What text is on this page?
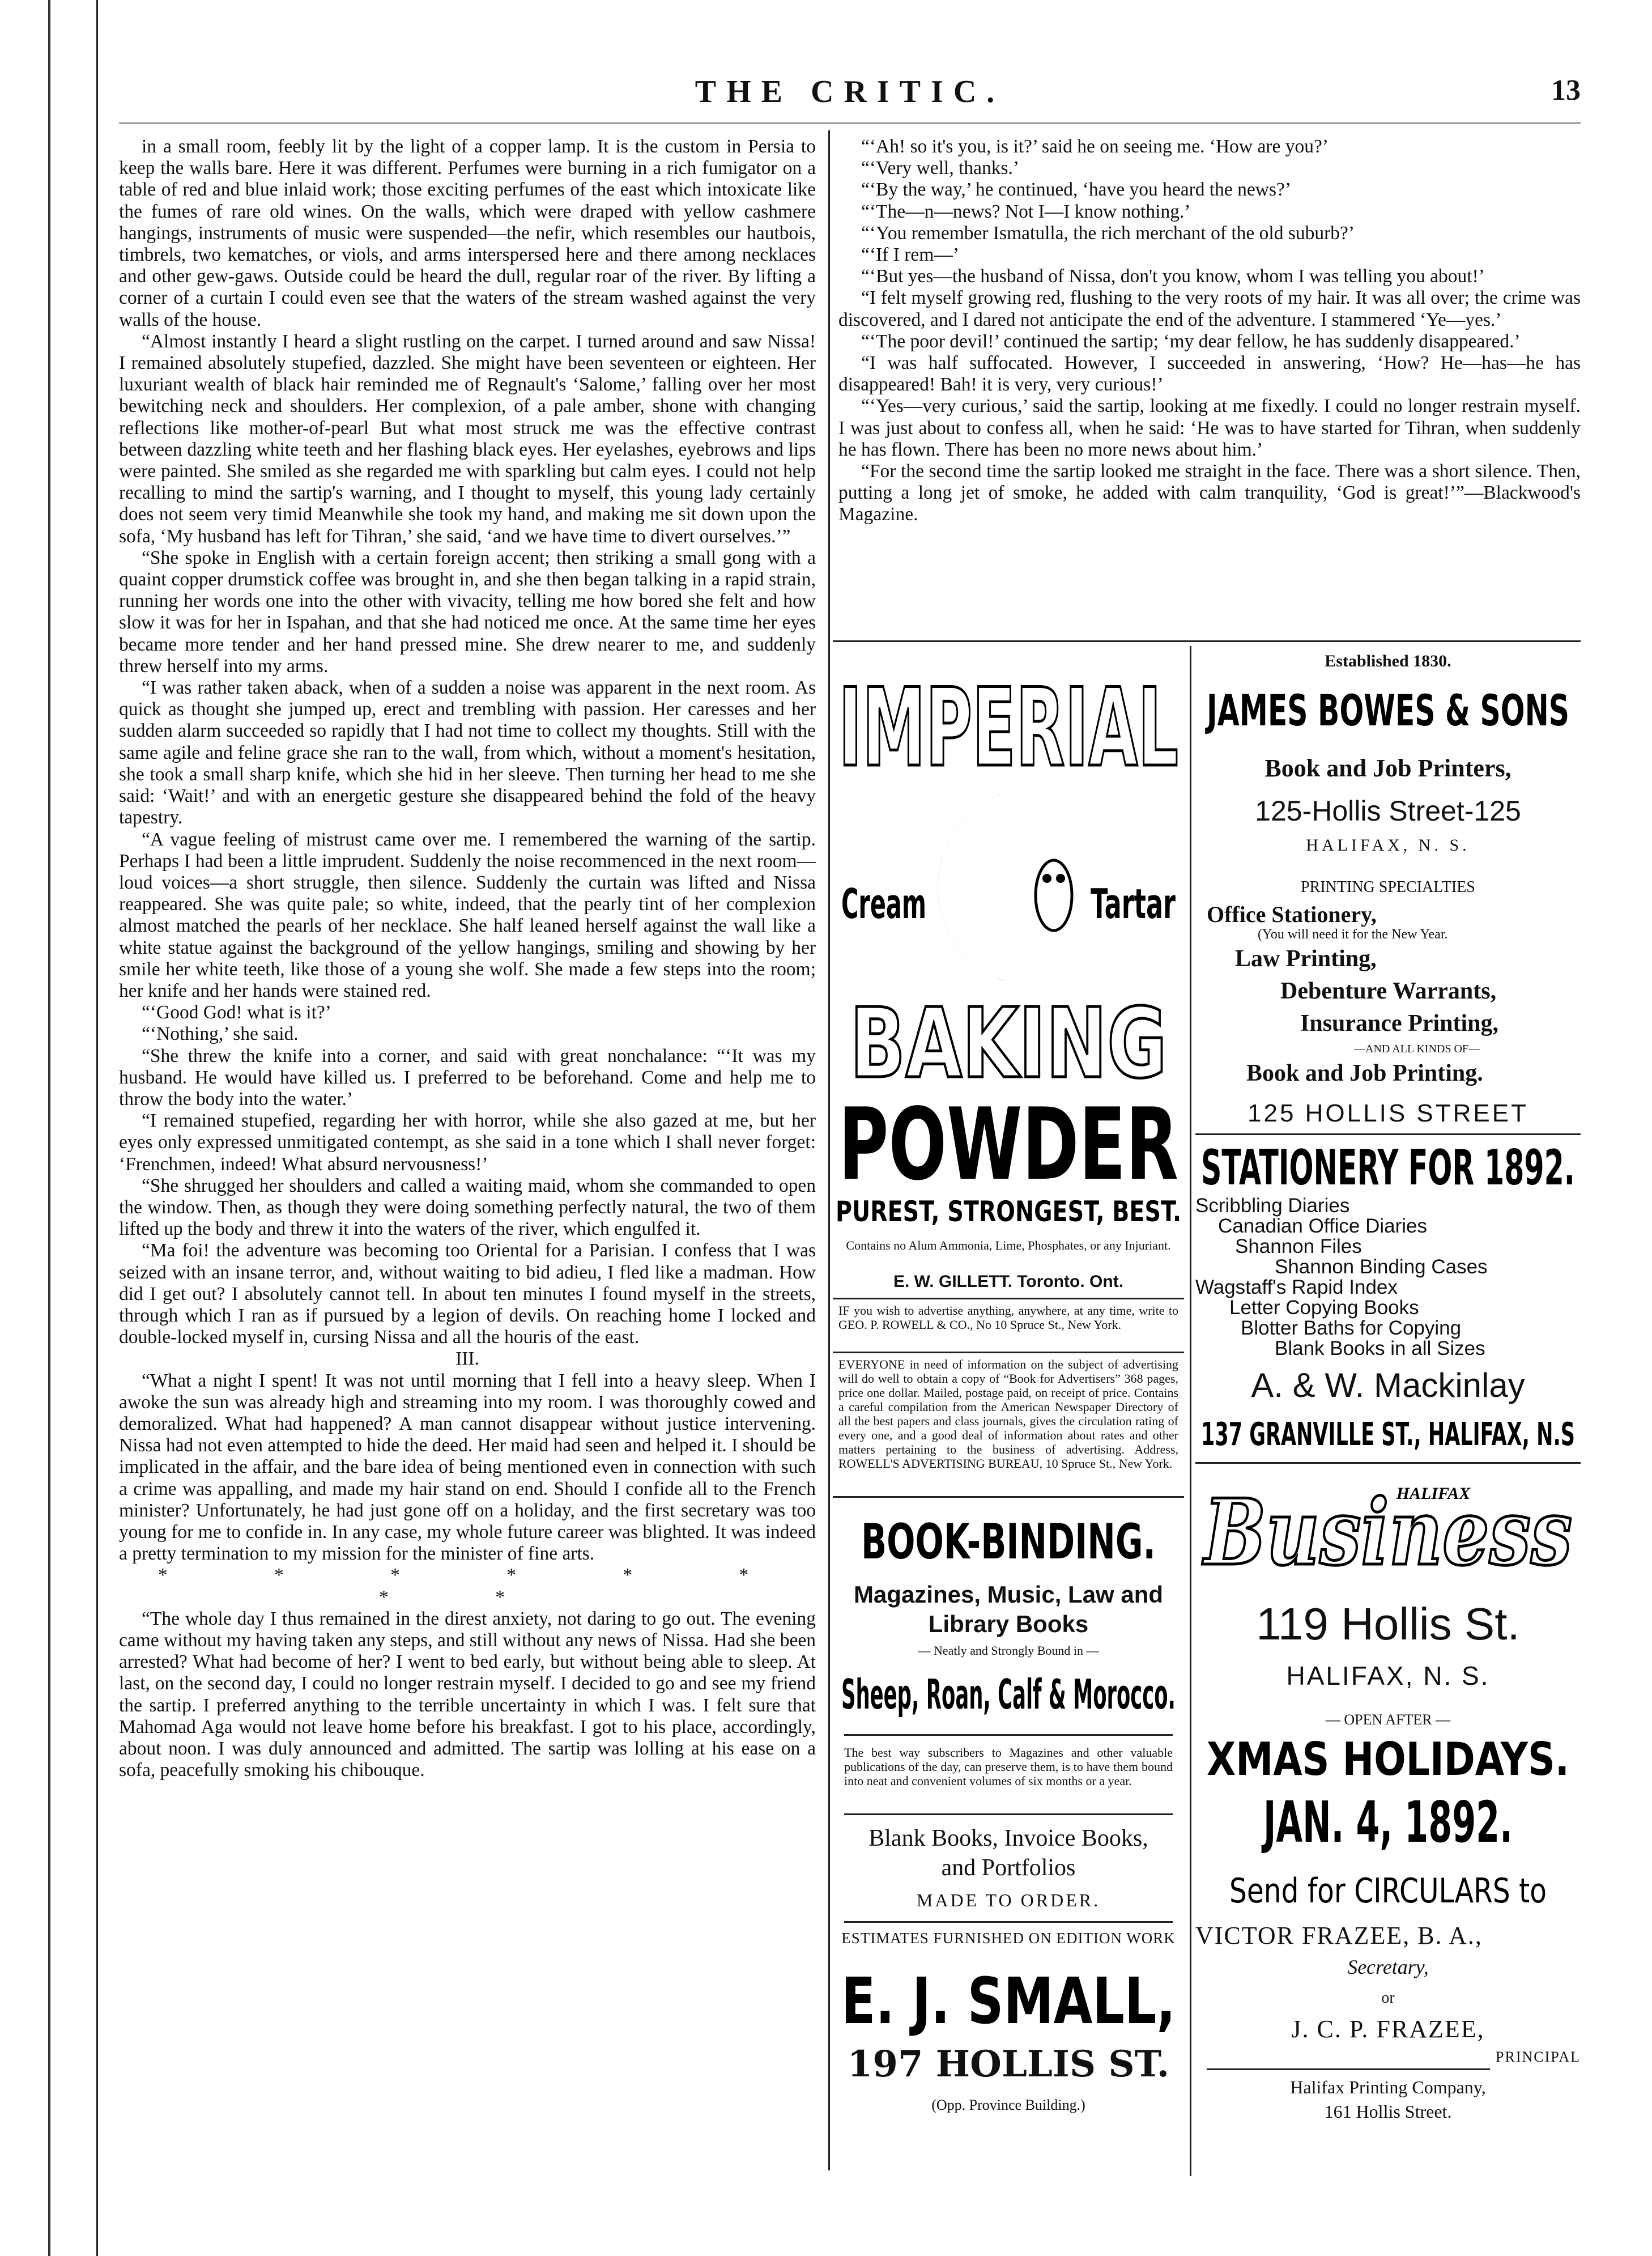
THE CRITIC.	13

in a small room, feebly lit by the light of a copper lamp. It is the custom in Persia to keep the walls bare. Here it was different. Perfumes were burning in a rich fumigator on a table of red and blue inlaid work; those exciting perfumes of the east which intoxicate like the fumes of rare old wines. On the walls, which were draped with yellow cashmere hangings, instruments of music were suspended—the nefir, which resembles our hautbois, timbrels, two kematches, or viols, and arms interspersed here and there among necklaces and other gew-gaws. Outside could be heard the dull, regular roar of the river. By lifting a corner of a curtain I could even see that the waters of the stream washed against the very walls of the house.

“Almost instantly I heard a slight rustling on the carpet. I turned around and saw Nissa! I remained absolutely stupefied, dazzled. She might have been seventeen or eighteen. Her luxuriant wealth of black hair reminded me of Regnault's ‘Salome,’ falling over her most bewitching neck and shoulders. Her complexion, of a pale amber, shone with changing reflections like mother-of-pearl But what most struck me was the effective contrast between dazzling white teeth and her flashing black eyes. Her eyelashes, eyebrows and lips were painted. She smiled as she regarded me with sparkling but calm eyes. I could not help recalling to mind the sartip's warning, and I thought to myself, this young lady certainly does not seem very timid Meanwhile she took my hand, and making me sit down upon the sofa, ‘My husband has left for Tihran,’ she said, ‘and we have time to divert ourselves.’”

“She spoke in English with a certain foreign accent; then striking a small gong with a quaint copper drumstick coffee was brought in, and she then began talking in a rapid strain, running her words one into the other with vivacity, telling me how bored she felt and how slow it was for her in Ispahan, and that she had noticed me once. At the same time her eyes became more tender and her hand pressed mine. She drew nearer to me, and suddenly threw herself into my arms.

“I was rather taken aback, when of a sudden a noise was apparent in the next room. As quick as thought she jumped up, erect and trembling with passion. Her caresses and her sudden alarm succeeded so rapidly that I had not time to collect my thoughts. Still with the same agile and feline grace she ran to the wall, from which, without a moment's hesitation, she took a small sharp knife, which she hid in her sleeve. Then turning her head to me she said: ‘Wait!’ and with an energetic gesture she disappeared behind the fold of the heavy tapestry.

“A vague feeling of mistrust came over me. I remembered the warning of the sartip. Perhaps I had been a little imprudent. Suddenly the noise recommenced in the next room—loud voices—a short struggle, then silence. Suddenly the curtain was lifted and Nissa reappeared. She was quite pale; so white, indeed, that the pearly tint of her complexion almost matched the pearls of her necklace. She half leaned herself against the wall like a white statue against the background of the yellow hangings, smiling and showing by her smile her white teeth, like those of a young she wolf. She made a few steps into the room; her knife and her hands were stained red.

“‘Good God! what is it?’

“‘Nothing,’ she said.

“She threw the knife into a corner, and said with great nonchalance: “‘It was my husband. He would have killed us. I preferred to be beforehand. Come and help me to throw the body into the water.’

“I remained stupefied, regarding her with horror, while she also gazed at me, but her eyes only expressed unmitigated contempt, as she said in a tone which I shall never forget: ‘Frenchmen, indeed! What absurd nervousness!’

“She shrugged her shoulders and called a waiting maid, whom she commanded to open the window. Then, as though they were doing something perfectly natural, the two of them lifted up the body and threw it into the waters of the river, which engulfed it.

“Ma foi! the adventure was becoming too Oriental for a Parisian. I confess that I was seized with an insane terror, and, without waiting to bid adieu, I fled like a madman. How did I get out? I absolutely cannot tell. In about ten minutes I found myself in the streets, through which I ran as if pursued by a legion of devils. On reaching home I locked and double-locked myself in, cursing Nissa and all the houris of the east.

III.

“What a night I spent! It was not until morning that I fell into a heavy sleep. When I awoke the sun was already high and streaming into my room. I was thoroughly cowed and demoralized. What had happened? A man cannot disappear without justice intervening. Nissa had not even attempted to hide the deed. Her maid had seen and helped it. I should be implicated in the affair, and the bare idea of being mentioned even in connection with such a crime was appalling, and made my hair stand on end. Should I confide all to the French minister? Unfortunately, he had just gone off on a holiday, and the first secretary was too young for me to confide in. In any case, my whole future career was blighted. It was indeed a pretty termination to my mission for the minister of fine arts.

* * * * * * * *

“The whole day I thus remained in the direst anxiety, not daring to go out. The evening came without my having taken any steps, and still without any news of Nissa. Had she been arrested? What had become of her? I went to bed early, but without being able to sleep. At last, on the second day, I could no longer restrain myself. I decided to go and see my friend the sartip. I preferred anything to the terrible uncertainty in which I was. I felt sure that Mahomad Aga would not leave home before his breakfast. I got to his place, accordingly, about noon. I was duly announced and admitted. The sartip was lolling at his ease on a sofa, peacefully smoking his chibouque.

“‘Ah! so it's you, is it?’ said he on seeing me. ‘How are you?’

“‘Very well, thanks.’

“‘By the way,’ he continued, ‘have you heard the news?’

“‘The—n—news? Not I—I know nothing.’

“‘You remember Ismatulla, the rich merchant of the old suburb?’

“‘If I rem—’

“‘But yes—the husband of Nissa, don't you know, whom I was telling you about!’

“I felt myself growing red, flushing to the very roots of my hair. It was all over; the crime was discovered, and I dared not anticipate the end of the adventure. I stammered ‘Ye—yes.’

“‘The poor devil!’ continued the sartip; ‘my dear fellow, he has suddenly disappeared.’

“I was half suffocated. However, I succeeded in answering, ‘How? He—has—he has disappeared! Bah! it is very, very curious!’

“‘Yes—very curious,’ said the sartip, looking at me fixedly. I could no longer restrain myself. I was just about to confess all, when he said: ‘He was to have started for Tihran, when suddenly he has flown. There has been no more news about him.’

“For the second time the sartip looked me straight in the face. There was a short silence. Then, putting a long jet of smoke, he added with calm tranquility, ‘God is great!’”—Blackwood's Magazine.

IMPERIAL
Cream	Tartar
BAKING
POWDER
PUREST, STRONGEST, BEST.
Contains no Alum Ammonia, Lime, Phosphates, or any Injuriant.
E. W. GILLETT. Toronto. Ont.
IF you wish to advertise anything, anywhere, at any time, write to GEO. P. ROWELL & CO., No 10 Spruce St., New York.
EVERYONE in need of information on the subject of advertising will do well to obtain a copy of “Book for Advertisers” 368 pages, price one dollar. Mailed, postage paid, on receipt of price. Contains a careful compilation from the American Newspaper Directory of all the best papers and class journals, gives the circulation rating of every one, and a good deal of information about rates and other matters pertaining to the business of advertising. Address, ROWELL'S ADVERTISING BUREAU, 10 Spruce St., New York.
BOOK-BINDING.
Magazines, Music, Law and
Library Books
— Neatly and Strongly Bound in —
Sheep, Roan, Calf & Morocco.
The best way subscribers to Magazines and other valuable publications of the day, can preserve them, is to have them bound into neat and convenient volumes of six months or a year.
Blank Books, Invoice Books,
and Portfolios
MADE TO ORDER.
ESTIMATES FURNISHED ON EDITION WORK
E. J. SMALL,
197 HOLLIS ST.
(Opp. Province Building.)
Established 1830.
JAMES BOWES & SONS
Book and Job Printers,
125-Hollis Street-125
HALIFAX, N. S.
PRINTING SPECIALTIES
Office Stationery,
(You will need it for the New Year.
Law Printing,
Debenture Warrants,
Insurance Printing,
—AND ALL KINDS OF—
Book and Job Printing.
125 HOLLIS STREET
STATIONERY FOR 1892.
Scribbling Diaries
Canadian Office Diaries
Shannon Files
Shannon Binding Cases
Wagstaff's Rapid Index
Letter Copying Books
Blotter Baths for Copying
Blank Books in all Sizes
A. & W. Mackinlay
137 GRANVILLE ST., HALIFAX, N.S
HALIFAX
Business
119 Hollis St.
HALIFAX, N. S.
— OPEN AFTER —
XMAS HOLIDAYS.
JAN. 4, 1892.
Send for CIRCULARS to
VICTOR FRAZEE, B. A.,
Secretary,
or
J. C. P. FRAZEE,
PRINCIPAL
Halifax Printing Company,
161 Hollis Street.
